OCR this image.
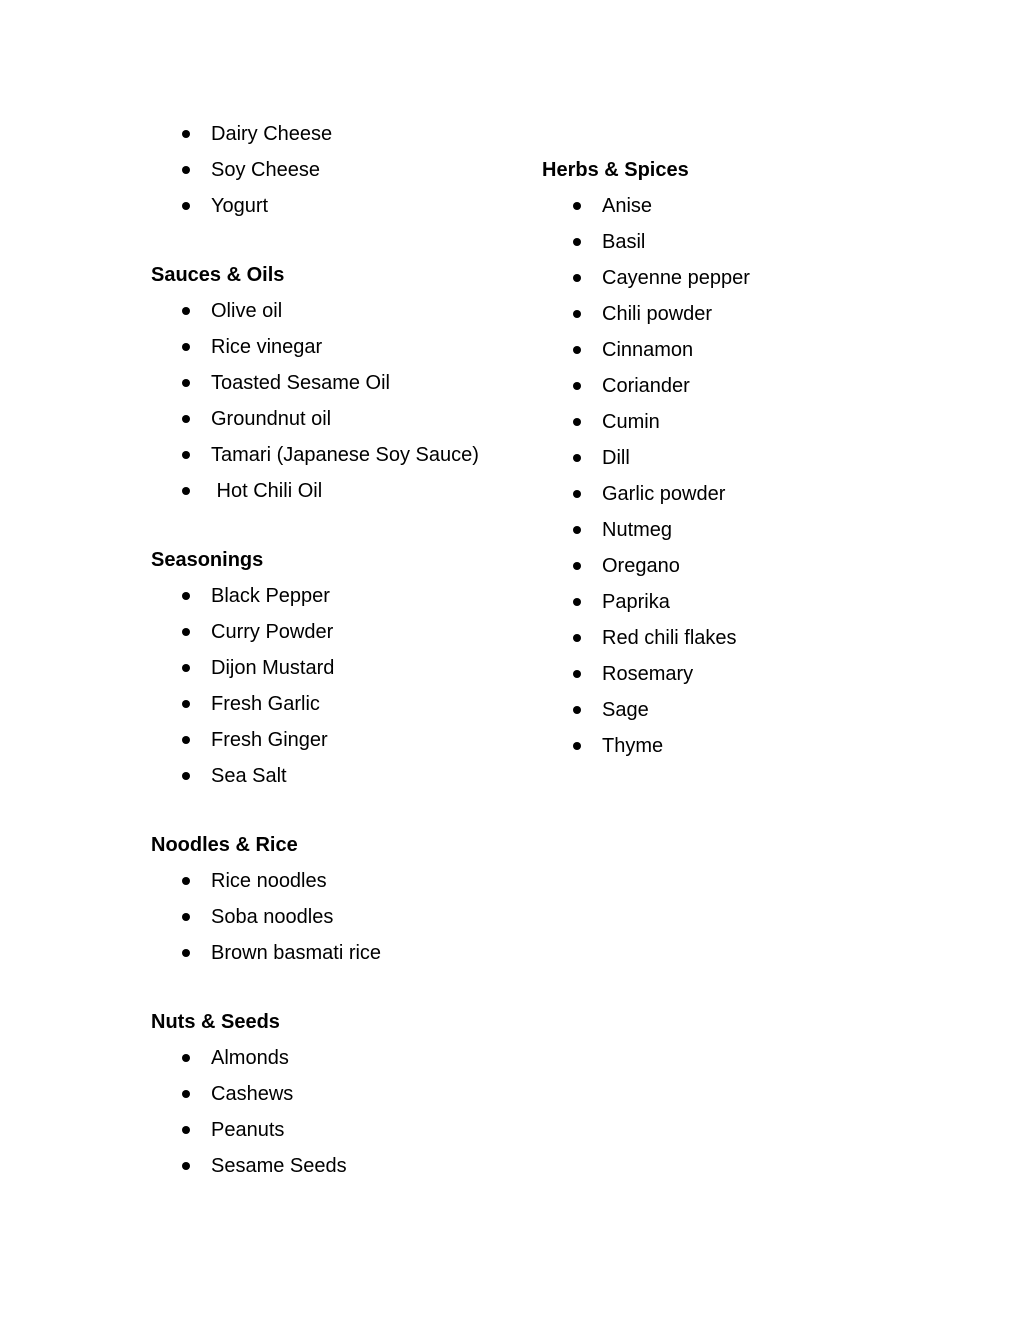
Dairy Cheese
Soy Cheese
Yogurt
Sauces & Oils
Olive oil
Rice vinegar
Toasted Sesame Oil
Groundnut oil
Tamari (Japanese Soy Sauce)
Hot Chili Oil
Seasonings
Black Pepper
Curry Powder
Dijon Mustard
Fresh Garlic
Fresh Ginger
Sea Salt
Noodles & Rice
Rice noodles
Soba noodles
Brown basmati rice
Nuts & Seeds
Almonds
Cashews
Peanuts
Sesame Seeds
Herbs & Spices
Anise
Basil
Cayenne pepper
Chili powder
Cinnamon
Coriander
Cumin
Dill
Garlic powder
Nutmeg
Oregano
Paprika
Red chili flakes
Rosemary
Sage
Thyme
